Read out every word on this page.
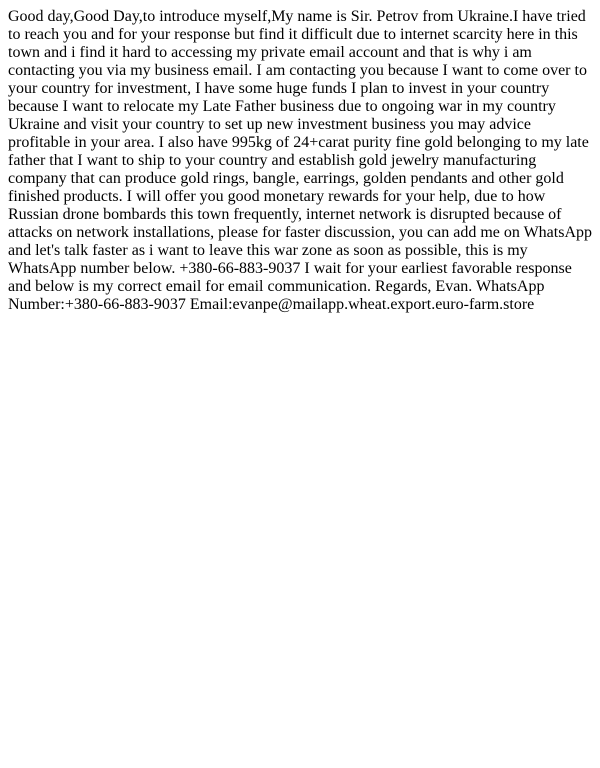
Good day,Good Day,to introduce myself,My name is Sir. Petrov from Ukraine.I have tried to reach you and for your response but find it difficult due to internet scarcity here in this town and i find it hard to accessing my private email account and that is why i am contacting you via my business email. I am contacting you because I want to come over to your country for investment, I have some huge funds I plan to invest in your country because I want to relocate my Late Father business due to ongoing war in my country Ukraine and visit your country to set up new investment business you may advice profitable in your area. I also have 995kg of 24+carat purity fine gold belonging to my late father that I want to ship to your country and establish gold jewelry manufacturing company that can produce gold rings, bangle, earrings, golden pendants and other gold finished products. I will offer you good monetary rewards for your help, due to how Russian drone bombards this town frequently, internet network is disrupted because of attacks on network installations, please for faster discussion, you can add me on WhatsApp and let's talk faster as i want to leave this war zone as soon as possible, this is my WhatsApp number below. +380-66-883-9037 I wait for your earliest favorable response and below is my correct email for email communication. Regards, Evan. WhatsApp Number:+380-66-883-9037 Email:evanpe@mailapp.wheat.export.euro-farm.store
